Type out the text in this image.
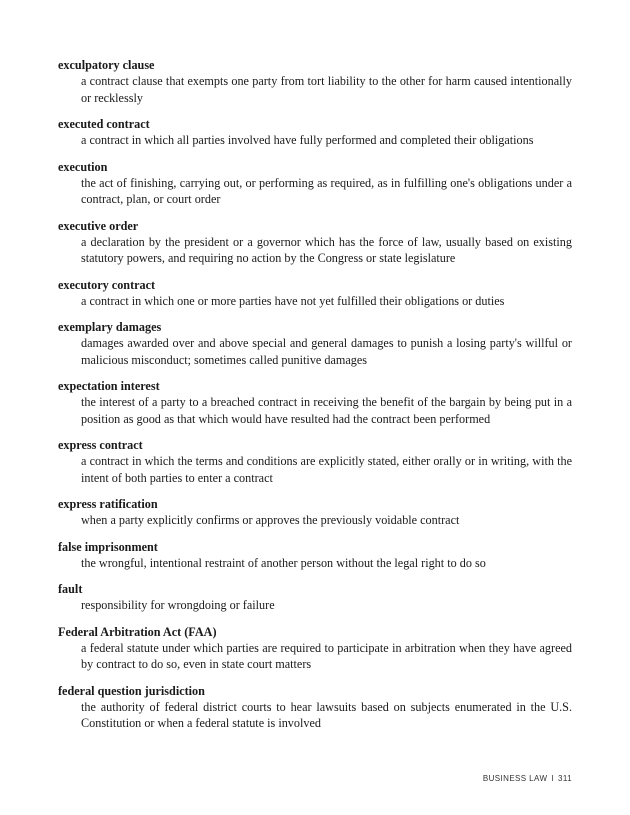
exculpatory clause
a contract clause that exempts one party from tort liability to the other for harm caused intentionally or recklessly
executed contract
a contract in which all parties involved have fully performed and completed their obligations
execution
the act of finishing, carrying out, or performing as required, as in fulfilling one's obligations under a contract, plan, or court order
executive order
a declaration by the president or a governor which has the force of law, usually based on existing statutory powers, and requiring no action by the Congress or state legislature
executory contract
a contract in which one or more parties have not yet fulfilled their obligations or duties
exemplary damages
damages awarded over and above special and general damages to punish a losing party's willful or malicious misconduct; sometimes called punitive damages
expectation interest
the interest of a party to a breached contract in receiving the benefit of the bargain by being put in a position as good as that which would have resulted had the contract been performed
express contract
a contract in which the terms and conditions are explicitly stated, either orally or in writing, with the intent of both parties to enter a contract
express ratification
when a party explicitly confirms or approves the previously voidable contract
false imprisonment
the wrongful, intentional restraint of another person without the legal right to do so
fault
responsibility for wrongdoing or failure
Federal Arbitration Act (FAA)
a federal statute under which parties are required to participate in arbitration when they have agreed by contract to do so, even in state court matters
federal question jurisdiction
the authority of federal district courts to hear lawsuits based on subjects enumerated in the U.S. Constitution or when a federal statute is involved
BUSINESS LAW I 311
